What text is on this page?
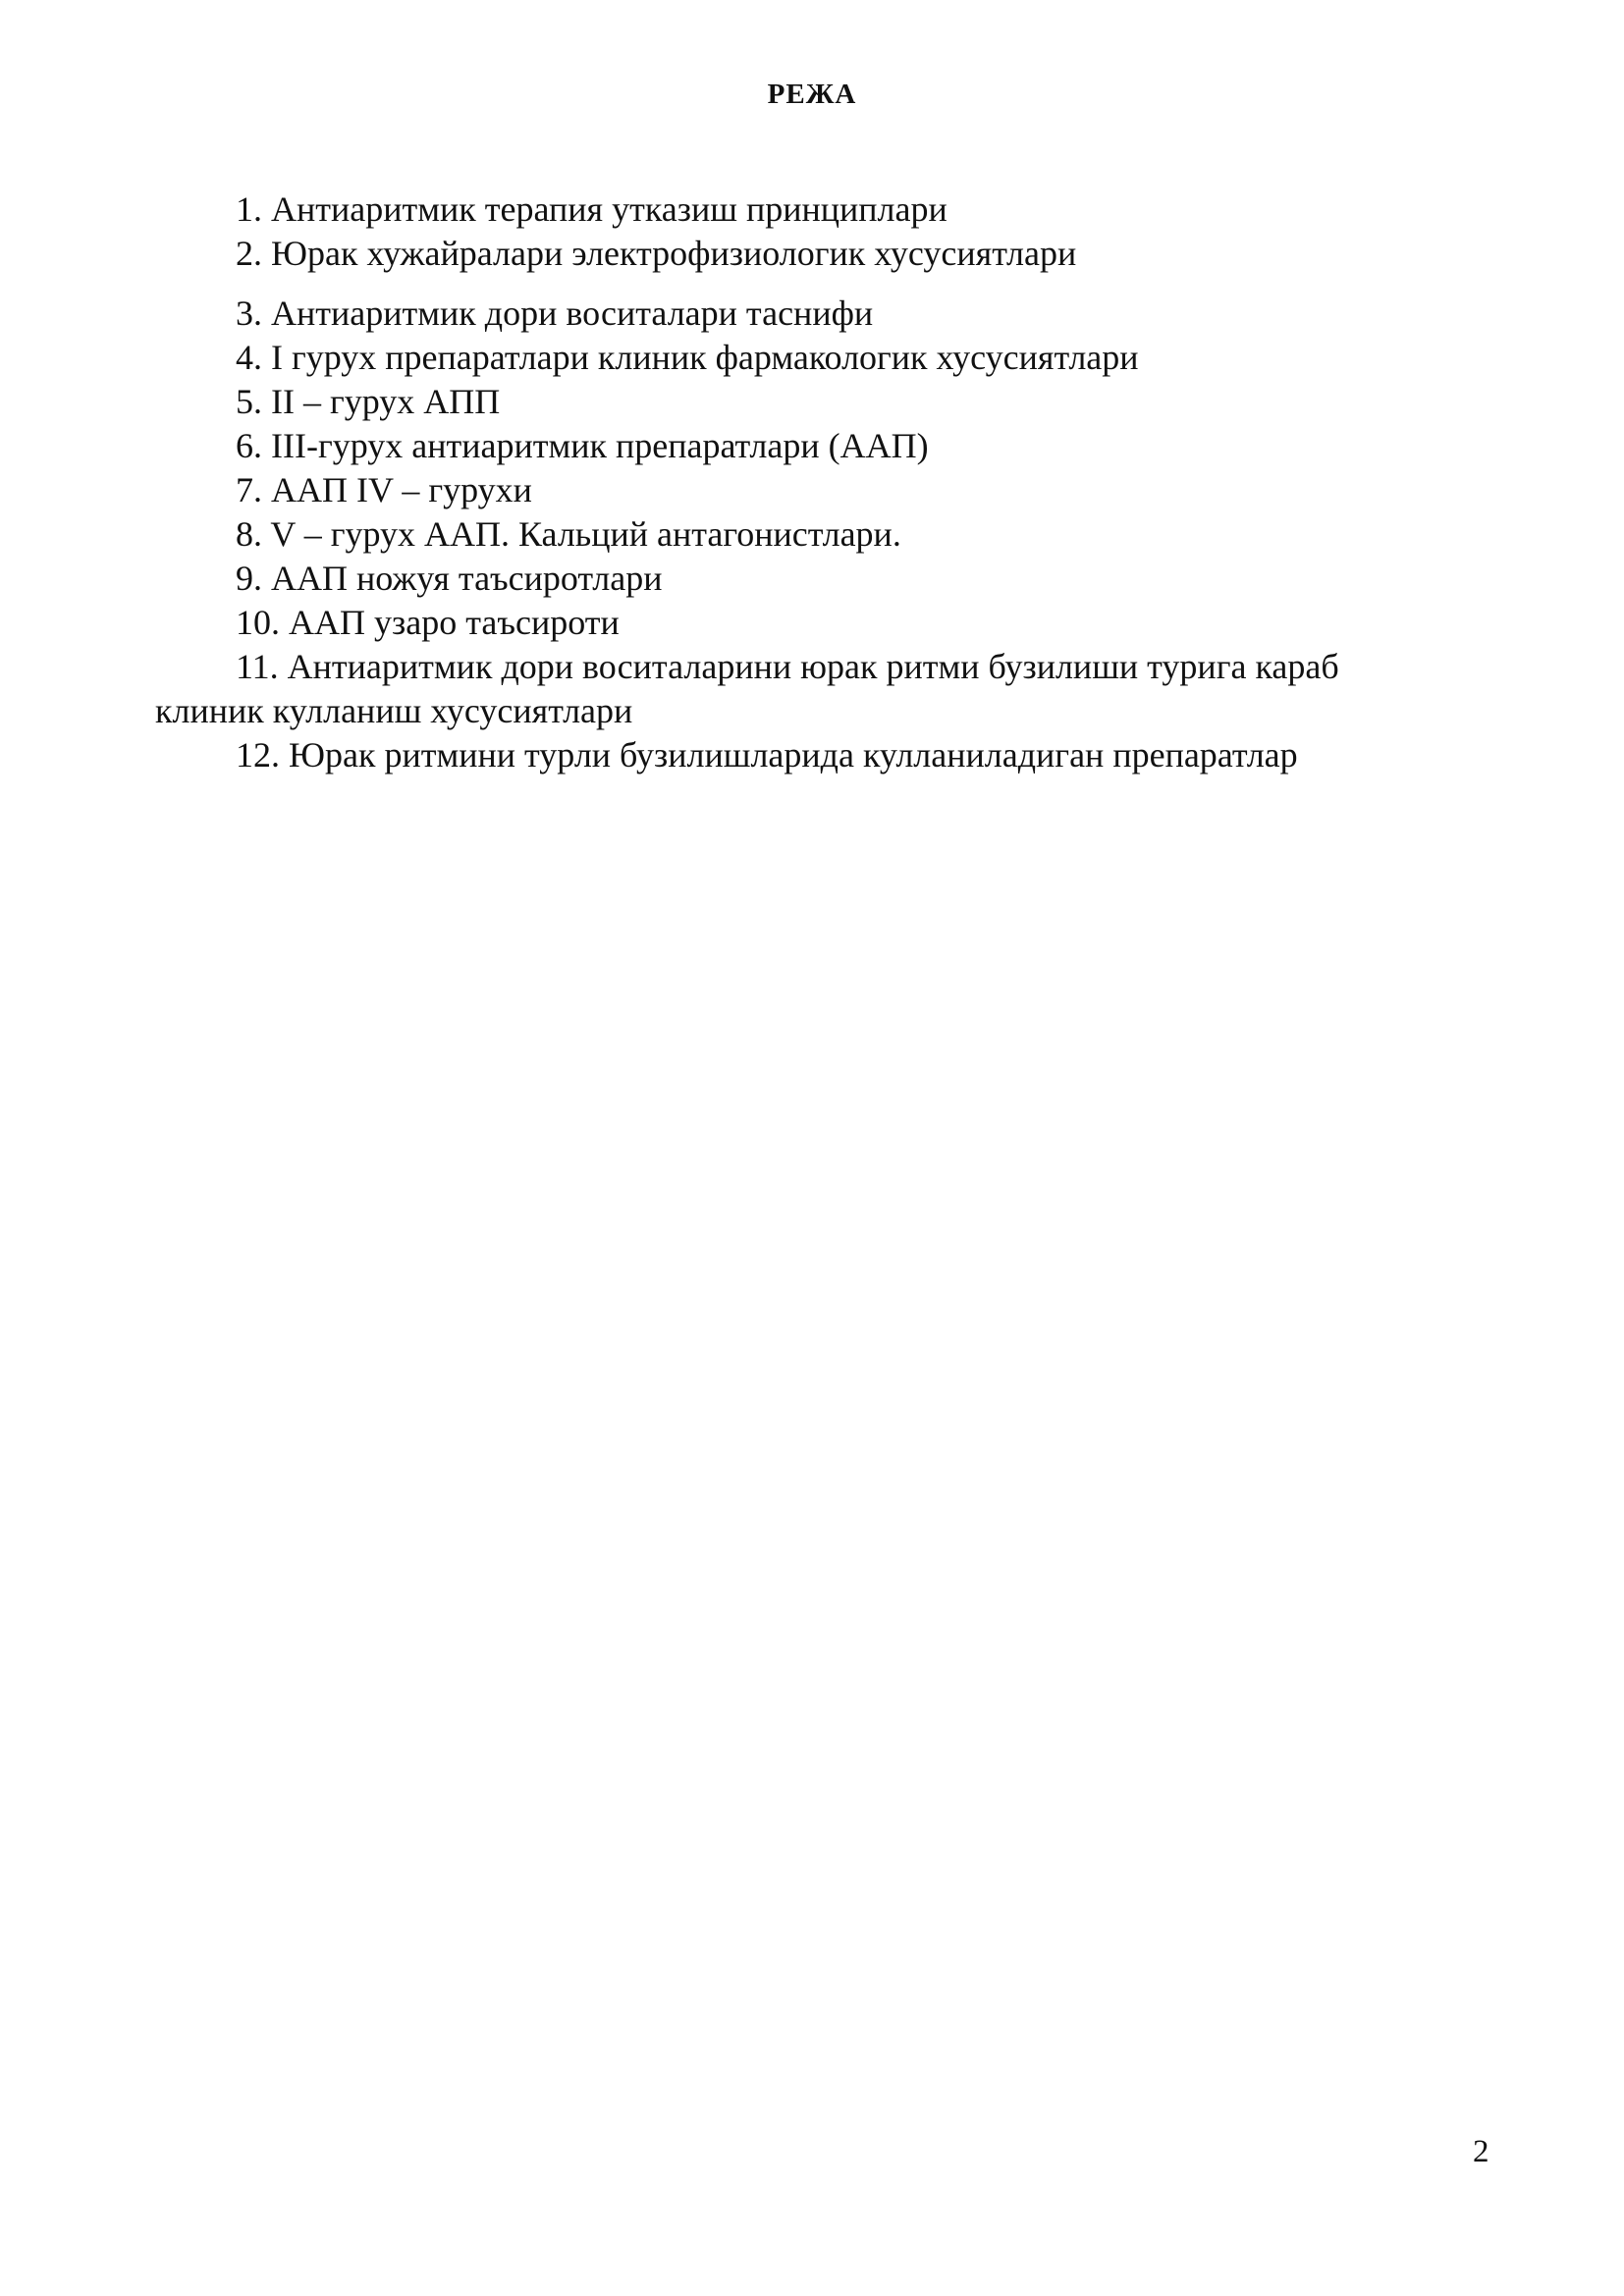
РЕЖА
1. Антиаритмик терапия утказиш принциплари
2. Юрак хужайралари электрофизиологик хусусиятлари
3. Антиаритмик дори воситалари таснифи
4. I гурух препаратлари клиник фармакологик хусусиятлари
5. II – гурух АПП
6. III-гурух антиаритмик препаратлари (ААП)
7. ААП IV – гурухи
8. V – гурух ААП. Кальций антагонистлари.
9. ААП ножуя таъсиротлари
10. ААП узаро таъсироти
11. Антиаритмик дори воситаларини юрак ритми бузилиши турига караб
клиник кулланиш хусусиятлари
12. Юрак ритмини турли бузилишларида кулланиладиган препаратлар
2
